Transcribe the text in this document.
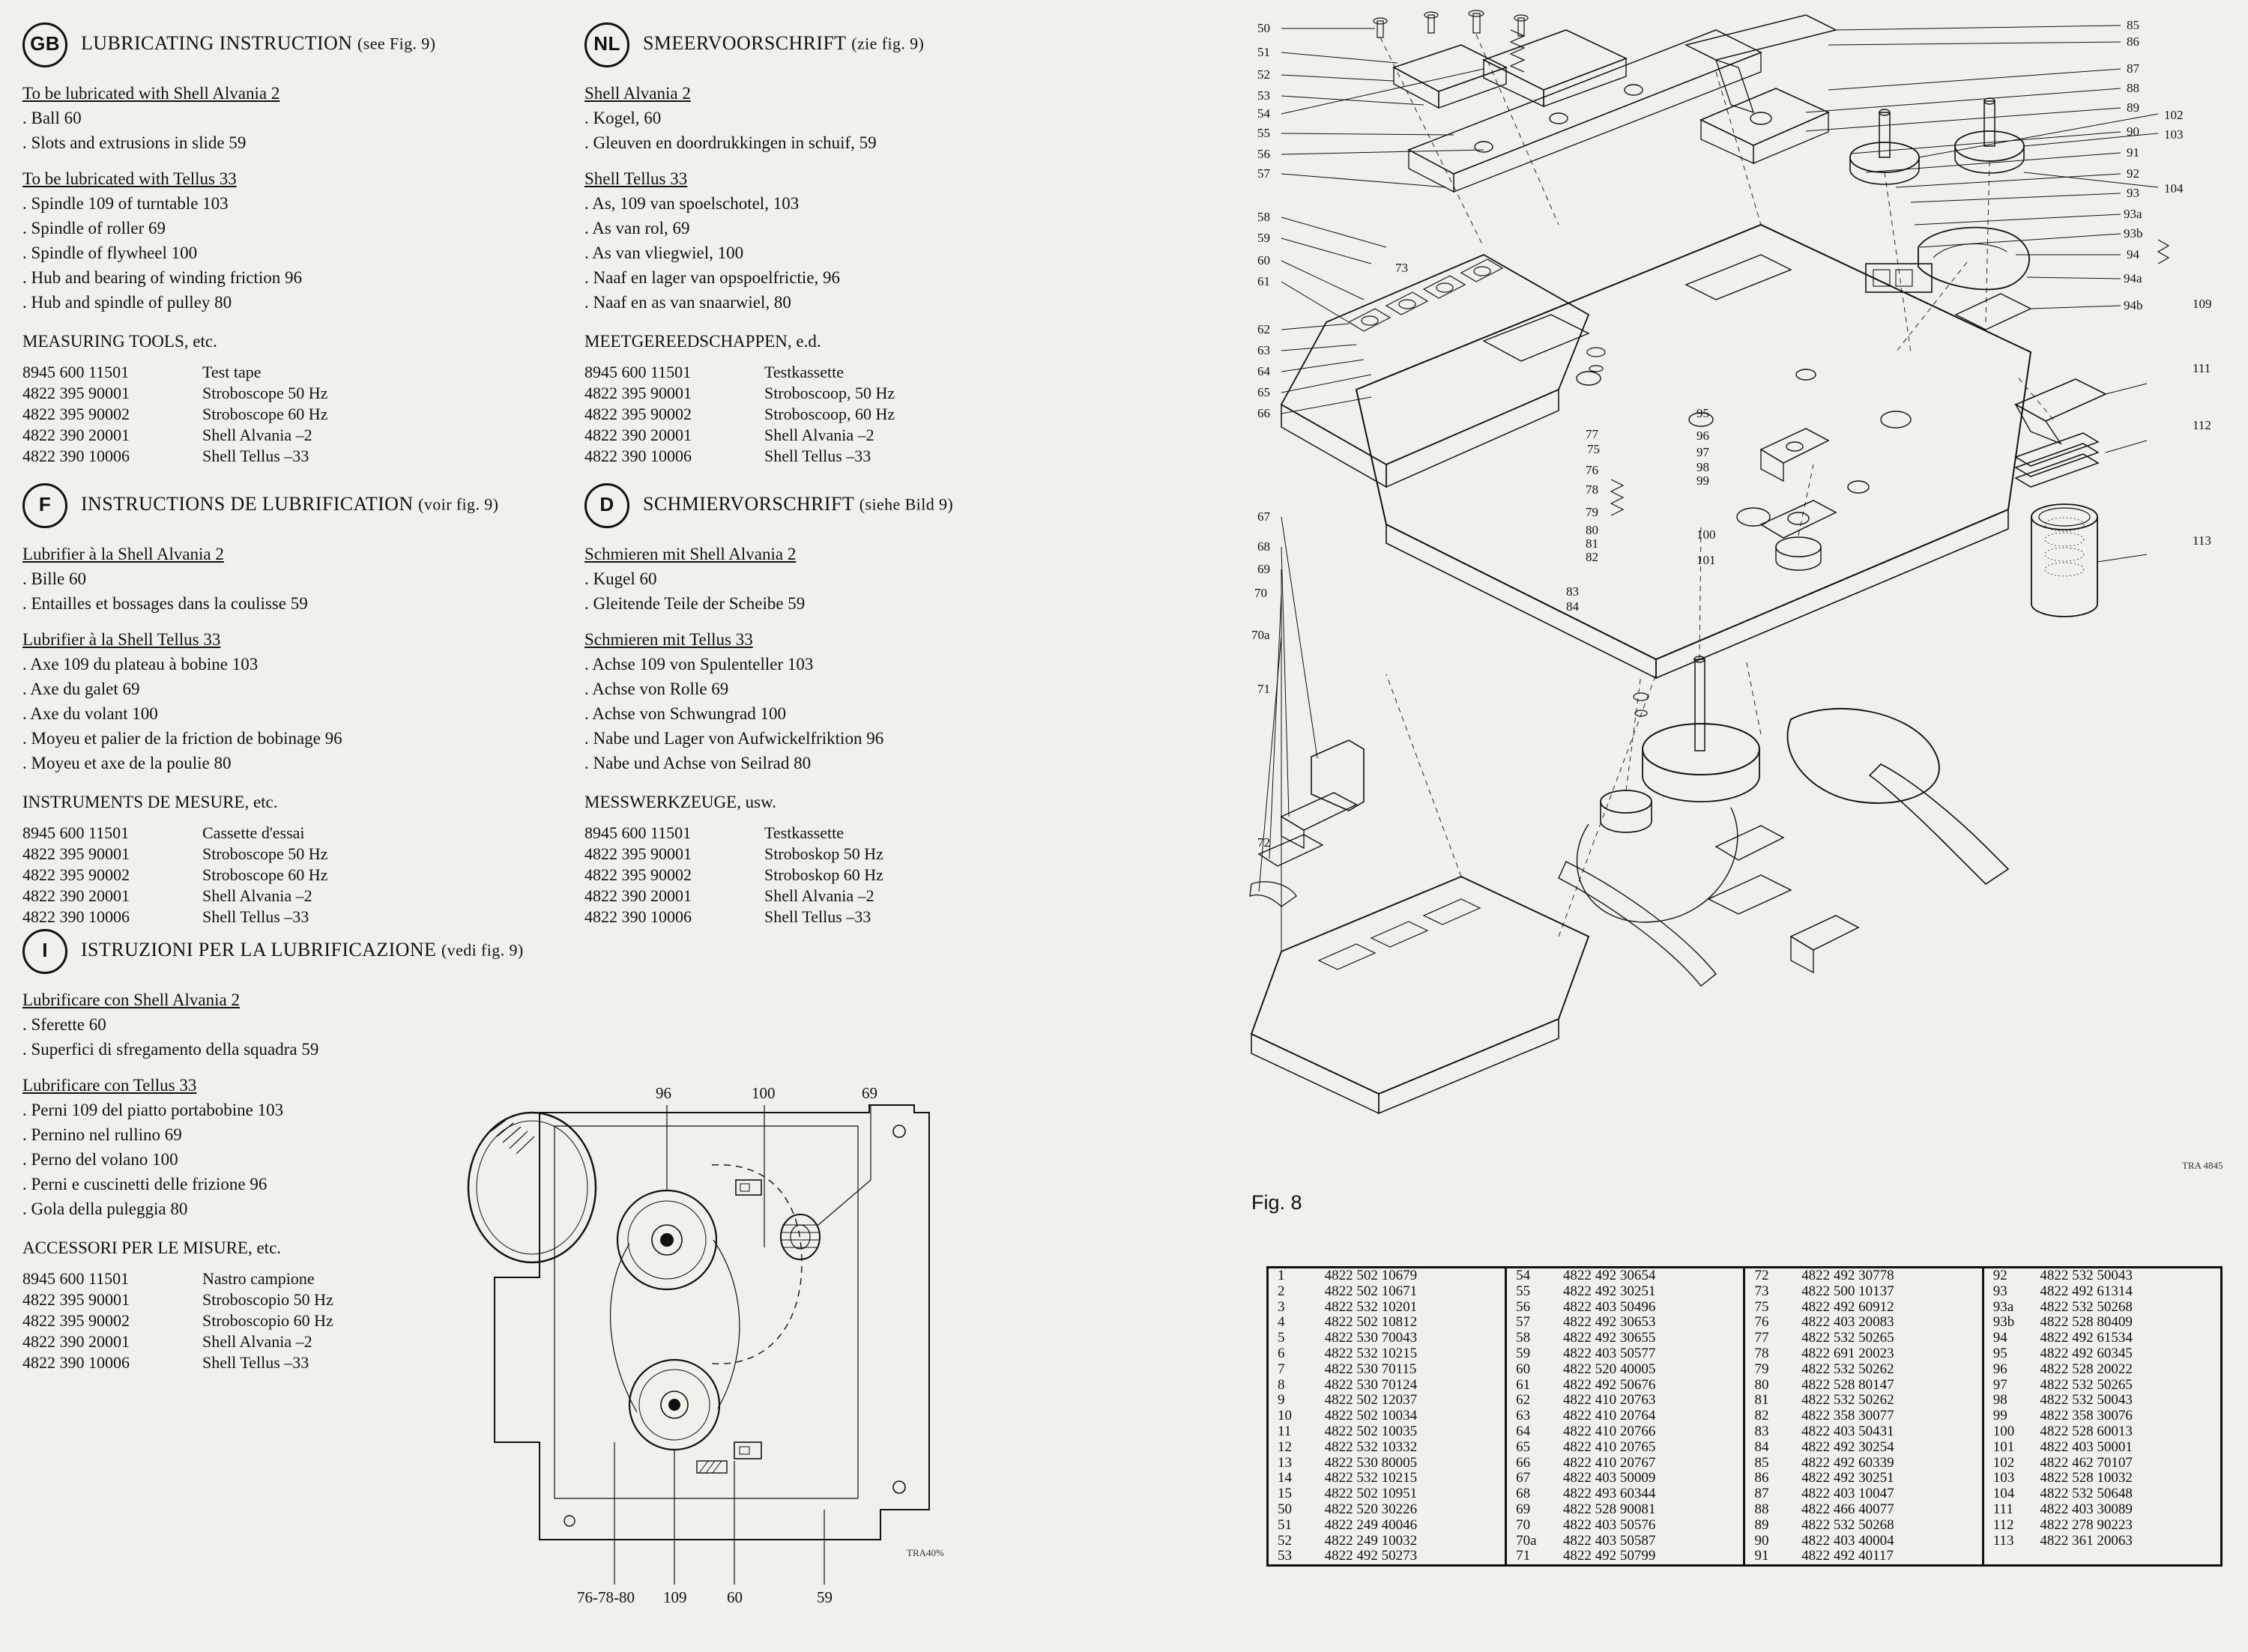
GB LUBRICATING INSTRUCTION (see Fig. 9)
To be lubricated with Shell Alvania 2
. Ball 60
. Slots and extrusions in slide 59
To be lubricated with Tellus 33
. Spindle 109 of turntable 103
. Spindle of roller 69
. Spindle of flywheel 100
. Hub and bearing of winding friction 96
. Hub and spindle of pulley 80
MEASURING TOOLS, etc.
8945 600 11501	Test tape
4822 395 90001	Stroboscope 50 Hz
4822 395 90002	Stroboscope 60 Hz
4822 390 20001	Shell Alvania –2
4822 390 10006	Shell Tellus –33
NL SMEERVOORSCHRIFT (zie fig. 9)
Shell Alvania 2
. Kogel, 60
. Gleuven en doordrukkingen in schuif, 59
Shell Tellus 33
. As, 109 van spoelschotel, 103
. As van rol, 69
. As van vliegwiel, 100
. Naaf en lager van opspoelfrictie, 96
. Naaf en as van snaarwiel, 80
MEETGEREEDSCHAPPEN, e.d.
8945 600 11501	Testkassette
4822 395 90001	Stroboscoop, 50 Hz
4822 395 90002	Stroboscoop, 60 Hz
4822 390 20001	Shell Alvania –2
4822 390 10006	Shell Tellus –33
F INSTRUCTIONS DE LUBRIFICATION (voir fig. 9)
Lubrifier à la Shell Alvania 2
. Bille 60
. Entailles et bossages dans la coulisse 59
Lubrifier à la Shell Tellus 33
. Axe 109 du plateau à bobine 103
. Axe du galet 69
. Axe du volant 100
. Moyeu et palier de la friction de bobinage 96
. Moyeu et axe de la poulie 80
INSTRUMENTS DE MESURE, etc.
8945 600 11501	Cassette d'essai
4822 395 90001	Stroboscope 50 Hz
4822 395 90002	Stroboscope 60 Hz
4822 390 20001	Shell Alvania –2
4822 390 10006	Shell Tellus –33
D SCHMIERVORSCHRIFT (siehe Bild 9)
Schmieren mit Shell Alvania 2
. Kugel 60
. Gleitende Teile der Scheibe 59
Schmieren mit Tellus 33
. Achse 109 von Spulenteller 103
. Achse von Rolle 69
. Achse von Schwungrad 100
. Nabe und Lager von Aufwickelfriktion 96
. Nabe und Achse von Seilrad 80
MESSWERKZEUGE, usw.
8945 600 11501	Testkassette
4822 395 90001	Stroboskop 50 Hz
4822 395 90002	Stroboskop 60 Hz
4822 390 20001	Shell Alvania –2
4822 390 10006	Shell Tellus –33
I ISTRUZIONI PER LA LUBRIFICAZIONE (vedi fig. 9)
Lubrificare con Shell Alvania 2
. Sferette 60
. Superfici di sfregamento della squadra 59
Lubrificare con Tellus 33
. Perni 109 del piatto portabobine 103
. Pernino nel rullino 69
. Perno del volano 100
. Perni e cuscinetti delle frizione 96
. Gola della puleggia 80
ACCESSORI PER LE MISURE, etc.
8945 600 11501	Nastro campione
4822 395 90001	Stroboscopio 50 Hz
4822 395 90002	Stroboscopio 60 Hz
4822 390 20001	Shell Alvania –2
4822 390 10006	Shell Tellus –33
96	100	69
76-78-80 109	60	59
TRA40%
50
51
52
53
54
55
56
57
58
59
60
61
62
63
64
65
66
67
68
69
70
70a
71
72
85
86
87
88
89
90
91
92
93
93a
93b
94
94a
94b
102
103
104
109
111
112
113
73
75
76
77
78
79
80
81
82
83
84
95
96
97
98
99
100
101
Fig. 8
TRA 4845
1	4822 502 10679	54	4822 492 30654	72	4822 492 30778	92	4822 532 50043
2	4822 502 10671	55	4822 492 30251	73	4822 500 10137	93	4822 492 61314
3	4822 532 10201	56	4822 403 50496	75	4822 492 60912	93a	4822 532 50268
4	4822 502 10812	57	4822 492 30653	76	4822 403 20083	93b	4822 528 80409
5	4822 530 70043	58	4822 492 30655	77	4822 532 50265	94	4822 492 61534
6	4822 532 10215	59	4822 403 50577	78	4822 691 20023	95	4822 492 60345
7	4822 530 70115	60	4822 520 40005	79	4822 532 50262	96	4822 528 20022
8	4822 530 70124	61	4822 492 50676	80	4822 528 80147	97	4822 532 50265
9	4822 502 12037	62	4822 410 20763	81	4822 532 50262	98	4822 532 50043
10	4822 502 10034	63	4822 410 20764	82	4822 358 30077	99	4822 358 30076
11	4822 502 10035	64	4822 410 20766	83	4822 403 50431	100	4822 528 60013
12	4822 532 10332	65	4822 410 20765	84	4822 492 30254	101	4822 403 50001
13	4822 530 80005	66	4822 410 20767	85	4822 492 60339	102	4822 462 70107
14	4822 532 10215	67	4822 403 50009	86	4822 492 30251	103	4822 528 10032
15	4822 502 10951	68	4822 493 60344	87	4822 403 10047	104	4822 532 50648
50	4822 520 30226	69	4822 528 90081	88	4822 466 40077	111	4822 403 30089
51	4822 249 40046	70	4822 403 50576	89	4822 532 50268	112	4822 278 90223
52	4822 249 10032	70a	4822 403 50587	90	4822 403 40004	113	4822 361 20063
53	4822 492 50273	71	4822 492 50799	91	4822 492 40117		
